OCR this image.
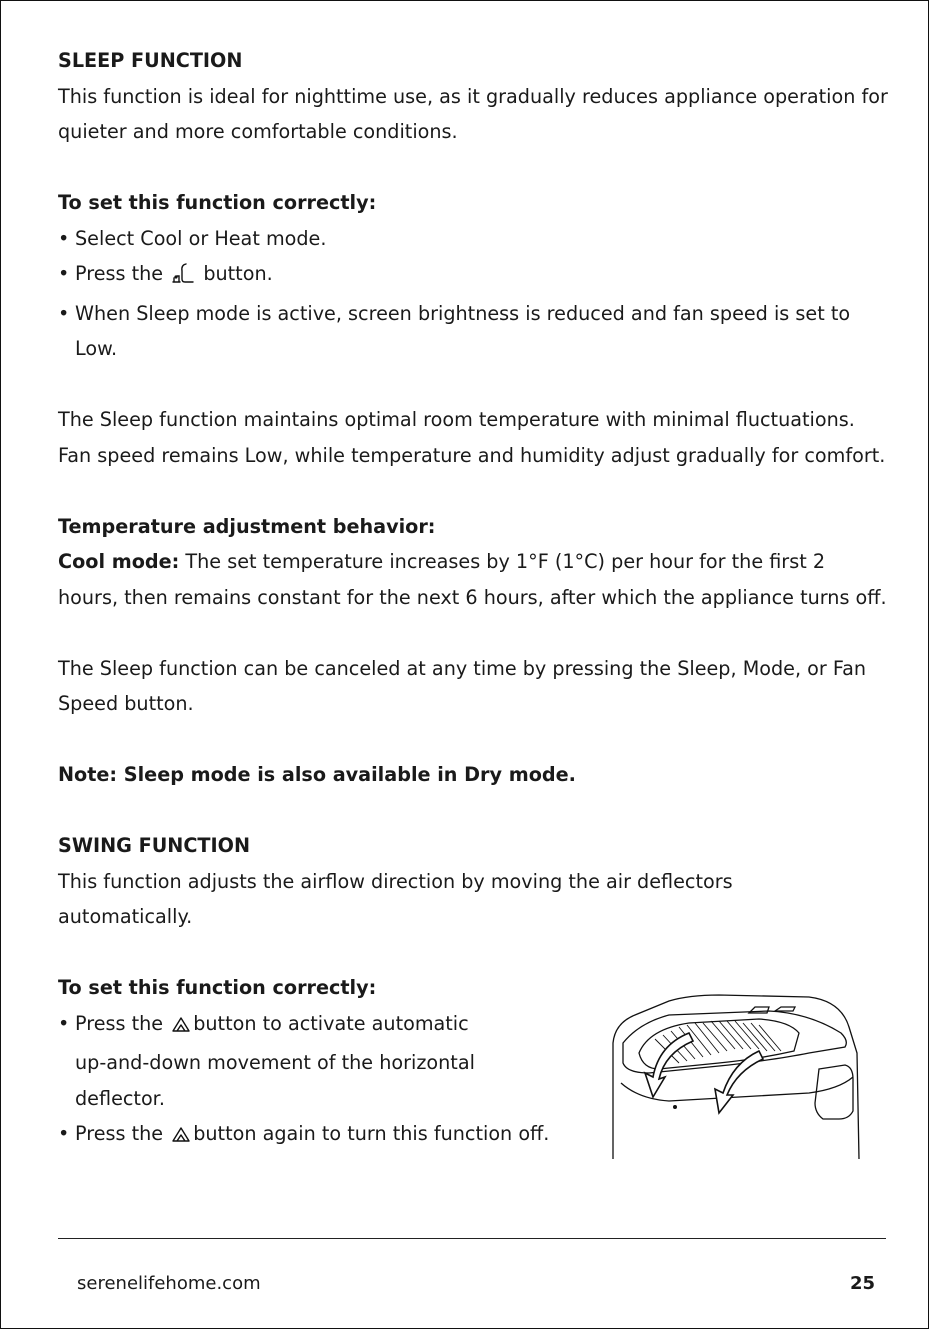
SLEEP FUNCTION

This function is ideal for nighttime use, as it gradually reduces appliance operation for quieter and more comfortable conditions.

To set this function correctly:

• Select Cool or Heat mode.

• Press the button.

• When Sleep mode is active, screen brightness is reduced and fan speed is set to Low.

The Sleep function maintains optimal room temperature with minimal fluctuations. Fan speed remains Low, while temperature and humidity adjust gradually for comfort.

Temperature adjustment behavior:

Cool mode: The set temperature increases by 1°F (1°C) per hour for the first 2 hours, then remains constant for the next 6 hours, after which the appliance turns off.

The Sleep function can be canceled at any time by pressing the Sleep, Mode, or Fan Speed button.

Note: Sleep mode is also available in Dry mode.

SWING FUNCTION

This function adjusts the airflow direction by moving the air deflectors automatically.

To set this function correctly:

• Press the button to activate automatic up-and-down movement of the horizontal deflector.

• Press the button again to turn this function off.

serenelifehome.com	25
